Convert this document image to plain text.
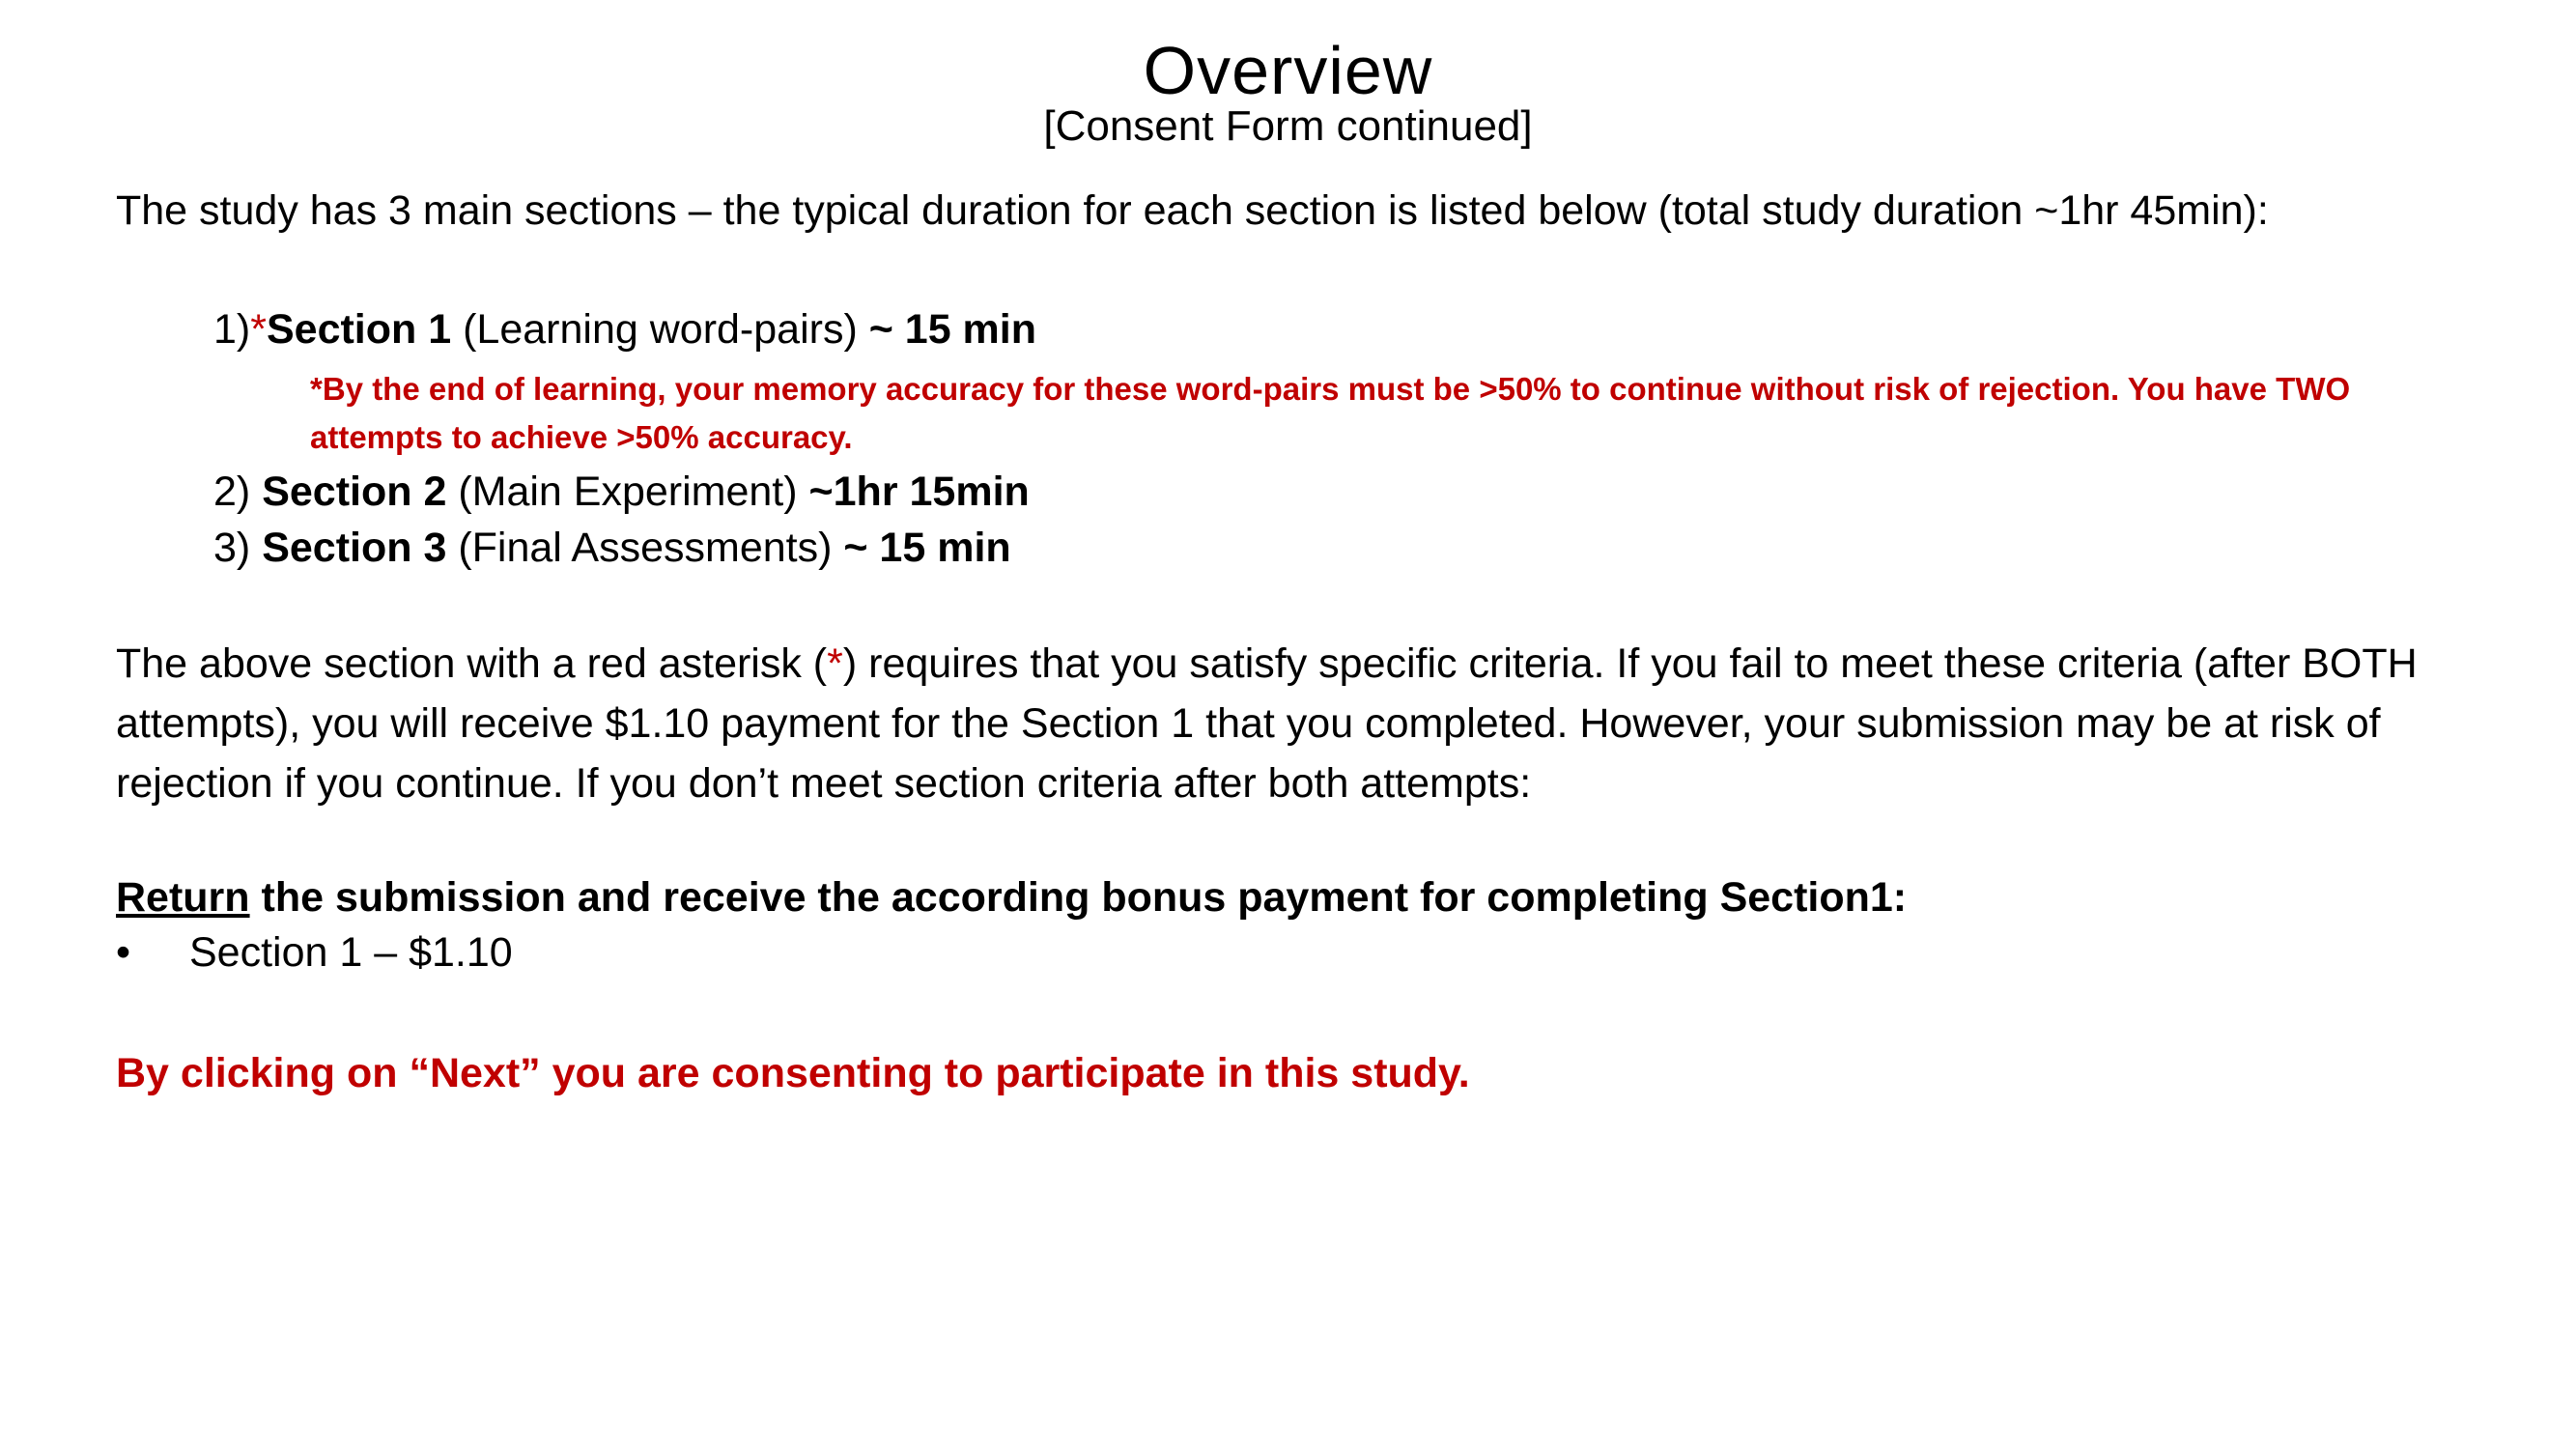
Overview
[Consent Form continued]
The study has 3 main sections – the typical duration for each section is listed below (total study duration ~1hr 45min):
1)*Section 1 (Learning word-pairs) ~ 15 min
*By the end of learning, your memory accuracy for these word-pairs must be >50% to continue without risk of rejection. You have TWO attempts to achieve >50% accuracy.
2) Section 2 (Main Experiment) ~1hr 15min
3) Section 3 (Final Assessments) ~ 15 min
The above section with a red asterisk (*) requires that you satisfy specific criteria. If you fail to meet these criteria (after BOTH attempts), you will receive $1.10 payment for the Section 1 that you completed. However, your submission may be at risk of rejection if you continue. If you don’t meet section criteria after both attempts:
Return the submission and receive the according bonus payment for completing Section1:
• Section 1 – $1.10
By clicking on “Next” you are consenting to participate in this study.
